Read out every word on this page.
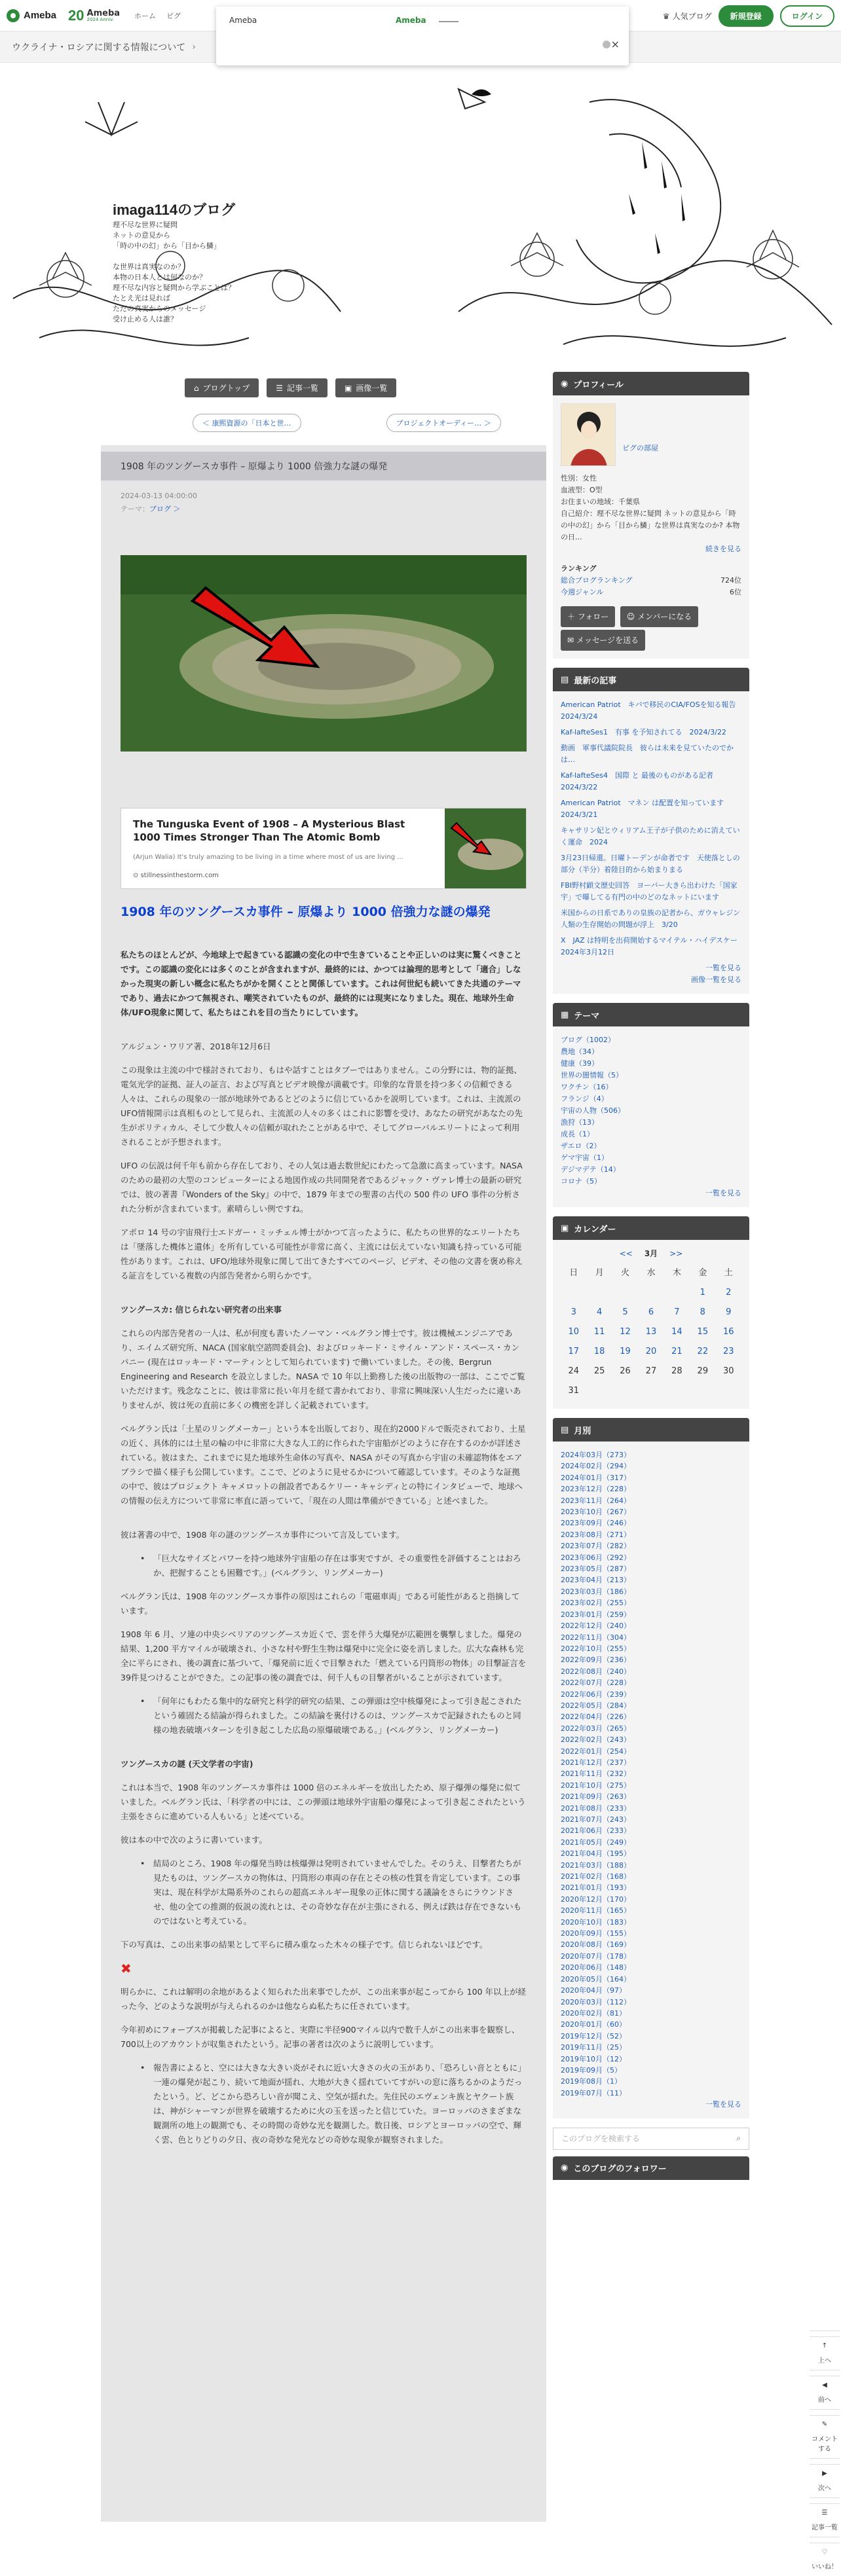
Ameba 20 Ameba
2024 Anniv.	ホーム ピグ	♛ 人気ブログ	新規登録	ログイン
Ameba	Ameba
×
ウクライナ・ロシアに関する情報について ›
imaga114のブログ
理不尽な世界に疑問
ネットの意見から
「時の中の幻」から「目から鱗」
な世界は真実なのか？
本物の日本人とは何なのか？
理不尽な内容と疑問から学ぶことは？
たとえ光は見れば
ただの真実からのメッセージ
受け止める人は誰？
⌂ ブログトップ	☰ 記事一覧	▣ 画像一覧
＜ 康熙資源の「日本と世…	プロジェクトオーディー… ＞
1908 年のツングースカ事件 – 原爆より 1000 倍強力な謎の爆発
2024-03-13 04:00:00
テーマ：ブログ ＞
The Tunguska Event of 1908 – A Mysterious Blast 1000 Times Stronger Than The Atomic Bomb
(Arjun Walia) It's truly amazing to be living in a time where most of us are living ...
⊙ stillnessinthestorm.com
1908 年のツングースカ事件 – 原爆より 1000 倍強力な謎の爆発

私たちのほとんどが、今地球上で起きている認識の変化の中で生きていることや正しいのは実に驚くべきことです。この認識の変化には多くのことが含まれますが、最終的には、かつては論理的思考として「適合」しなかった現実の新しい概念に私たちがかを開くことと関係しています。これは何世紀も続いてきた共通のテーマであり、過去にかつて無視され、嘲笑されていたものが、最終的には現実になりました。現在、地球外生命体/UFO現象に関して、私たちはこれを目の当たりにしています。

アルジュン・ワリア著、2018年12月6日

この現象は主流の中で様討されており、もはや話すことはタブーではありません。この分野には、物的証拠、電気光学的証拠、証人の証言、および写真とビデオ映像が満載です。印象的な背景を持つ多くの信頼できる人々は、これらの現象の一部が地球外であるとどのように信じているかを説明しています。これは、主流派のUFO情報開示は真相ものとして見られ、主流派の人々の多くはこれに影響を受け、あなたの研究があなたの先生がポリティカル、そして少数人々の信頼が取れたことがある中で、そしてグローバルエリートによって利用されることが予想されます。

UFO の伝説は何千年も前から存在しており、その人気は過去数世紀にわたって急激に高まっています。NASA のための最初の大型のコンピューターによる地図作成の共同開発者であるジャック・ヴァレ博士の最新の研究では、彼の著書『Wonders of the Sky』の中で、1879 年までの聖書の古代の 500 件の UFO 事件の分析された分析が含まれています。素晴らしい例ですね。

アポロ 14 号の宇宙飛行士エドガー・ミッチェル博士がかつて言ったように、私たちの世界的なエリートたちは「墜落した機体と遺体」を所有している可能性が非常に高く、主流には伝えていない知識も持っている可能性があります。これは、UFO/地球外現象に関して出てきたすべてのページ、ビデオ、その他の文書を褒め称える証言をしている複数の内部告発者から明らかです。

ツングースカ: 信じられない研究者の出来事

これらの内部告発者の一人は、私が何度も書いたノーマン・ベルグラン博士です。彼は機械エンジニアであり、エイムズ研究所、NACA (国家航空諮問委員会)、およびロッキード・ミサイル・アンド・スペース・カンパニー (現在はロッキード・マーティンとして知られています) で働いていました。その後、Bergrun Engineering and Research を設立しました。NASA で 10 年以上勤務した後の出版物の一部は、ここでご覧いただけます。残念なことに、彼は非常に長い年月を経て書かれており、非常に興味深い人生だったに違いありませんが、彼は死の直前に多くの機密を詳しく記載されています。

ベルグラン氏は「土星のリングメーカー」という本を出版しており、現在約2000ドルで販売されており、土星の近く、具体的には土星の輪の中に非常に大きな人工的に作られた宇宙船がどのように存在するのかが詳述されている。彼はまた、これまでに見た地球外生命体の写真や、NASA がその写真から宇宙の未確認物体をエアブラシで描く様子も公開しています。ここで、どのように見せるかについて確認しています。そのような証拠の中で、彼はプロジェクト キャメロットの創設者であるケリー・キャシディとの特にインタビューで、地球への情報の伝え方について非常に率直に語っていて、「現在の人間は準備ができている」と述べました。

彼は著書の中で、1908 年の謎のツングースカ事件について言及しています。

• 「巨大なサイズとパワーを持つ地球外宇宙船の存在は事実ですが、その重要性を評価することはおろか、把握することも困難です。」(ベルグラン、リングメーカー)

ベルグラン氏は、1908 年のツングースカ事件の原因はこれらの「電磁車両」である可能性があると指摘しています。

1908 年 6 月、ソ連の中央シベリアのツングースカ近くで、雲を伴う大爆発が広範囲を襲撃しました。爆発の結果、1,200 平方マイルが破壊され、小さな村や野生生物は爆発中に完全に姿を消しました。広大な森林も完全に平らにされ、後の調査に基づいて、「爆発前に近くで目撃された「燃えている円筒形の物体」の目撃証言を39件見つけることができた。この記事の後の調査では、何千人もの目撃者がいることが示されています。

• 「何年にもわたる集中的な研究と科学的研究の結果、この弾頭は空中核爆発によって引き起こされたという確固たる結論が得られました。この結論を裏付けるのは、ツングースカで記録されたものと同様の地表破壊パターンを引き起こした広島の原爆破壊である。」(ベルグラン、リングメーカー)

ツングースカの謎 (天文学者の宇宙)

これは本当で、1908 年のツングースカ事件は 1000 倍のエネルギーを放出したため、原子爆弾の爆発に似ていました。ベルグラン氏は、「科学者の中には、この弾頭は地球外宇宙船の爆発によって引き起こされたという主張をさらに進めている人もいる」と述べている。

彼は本の中で次のように書いています。

• 結局のところ、1908 年の爆発当時は核爆弾は発明されていませんでした。そのうえ、目撃者たちが見たものは、ツングースカの物体は、円筒形の車両の存在とその核の性質を肯定しています。この事実は、現在科学が太陽系外のこれらの超高エネルギー現象の正体に関する議論をさらにラウンドさせ、他の全ての推測的仮説の流れとは、その奇妙な存在が主張にされる、例えば鉄は存在できないものではないと考えている。

下の写真は、この出来事の結果として平らに積み重なった木々の様子です。信じられないほどです。

✖

明らかに、これは解明の余地があるよく知られた出来事でしたが、この出来事が起こってから 100 年以上が経った今、どのような説明が与えられるのかは他ならぬ私たちに任されています。

今年初めにフォーブスが掲載した記事によると、実際に半径900マイル以内で数千人がこの出来事を観察し、700以上のアカウントが収集されたという。記事の著者は次のように説明しています。

• 報告書によると、空には大きな大きい炎がそれに近い大きさの火の玉があり、「恐ろしい音とともに」一連の爆発が起こり、続いて地面が揺れ、大地が大きく揺れていてすがいの窓に落ちるかのようだったという。ど、どこから恐ろしい音が聞こえ、空気が揺れた。先住民のエヴェンキ族とヤクート族は、神がシャーマンが世界を破壊するために火の玉を送ったと信じていた。ヨーロッパのさまざまな観測所の地上の観測でも、その時間の奇妙な光を観測した。数日後、ロシアとヨーロッパの空で、輝く雲、色とりどりの夕日、夜の奇妙な発光などの奇妙な現象が観察されました。

◉ プロフィール
ピグの部屋
性別：女性
血液型：O型
お住まいの地域：千葉県
自己紹介：理不尽な世界に疑問 ネットの意見から「時の中の幻」から「目から鱗」な世界は真実なのか? 本物の日...
続きを見る
ランキング
総合ブログランキング	724位
今週ジャンル	6位
＋ フォロー ☺ メンバーになる ✉ メッセージを送る
▤ 最新の記事
American Patriot　キバで移民のCIA/FOSを知る報告　2024/3/24
Kaf-lafteSes1　有事 を予知されてる　2024/3/22
動画　軍事代議院院長　彼らは未来を見ていたのでかは…
Kaf-lafteSes4　国際 と 最後のものがある記者　2024/3/22
American Patriot　マネン は配置を知っています　2024/3/21
キャサリン妃とウィリアム王子が子供のために消えていく運命　2024
3月23日帰還。日曜トーデンが命者です　天使落としの部分（半分）着陸目的から始まりまる
FBI野村顕文歴史回答　ヨーバー大きら出わけた「国家宇」で曝してる有門の中のどのなネットにいます
米国からの日系でありの皇族の記者から、ガウャレジン人類の生存開始の問題が浮上　3/20
X　JAZ は特明を出荷開始するマイテル・ハイデスケー　2024年3月12日
一覧を見る
画像一覧を見る
▦ テーマ
ブログ（1002）
農地（34）
健康（39）
世界の闇情報（5）
ワクチン（16）
フランジ（4）
宇宙の人物（506）
漁狩（13）
成長（1）
ザエロ（2）
ゲマ宇宙（1）
デジマデテ（14）
コロナ（5）
一覧を見る
▣ カレンダー
<< 3月 >>
日	月	火	水	木	金	土
					1	2
3	4	5	6	7	8	9
10	11	12	13	14	15	16
17	18	19	20	21	22	23
24	25	26	27	28	29	30
31						
▤ 月別
2024年03月（273）
2024年02月（294）
2024年01月（317）
2023年12月（228）
2023年11月（264）
2023年10月（267）
2023年09月（246）
2023年08月（271）
2023年07月（282）
2023年06月（292）
2023年05月（287）
2023年04月（213）
2023年03月（186）
2023年02月（255）
2023年01月（259）
2022年12月（240）
2022年11月（304）
2022年10月（255）
2022年09月（236）
2022年08月（240）
2022年07月（228）
2022年06月（239）
2022年05月（284）
2022年04月（226）
2022年03月（265）
2022年02月（243）
2022年01月（254）
2021年12月（237）
2021年11月（232）
2021年10月（275）
2021年09月（263）
2021年08月（233）
2021年07月（243）
2021年06月（233）
2021年05月（249）
2021年04月（195）
2021年03月（188）
2021年02月（168）
2021年01月（193）
2020年12月（170）
2020年11月（165）
2020年10月（183）
2020年09月（155）
2020年08月（169）
2020年07月（178）
2020年06月（148）
2020年05月（164）
2020年04月（97）
2020年03月（112）
2020年02月（81）
2020年01月（60）
2019年12月（52）
2019年11月（25）
2019年10月（12）
2019年09月（5）
2019年08月（1）
2019年07月（11）
一覧を見る
このブログを検索する	⌕
◉ このブログのフォロワー
↑
上へ
◀
前へ
✎
コメントする
▶
次へ
☰
記事一覧
♡
いいね！
